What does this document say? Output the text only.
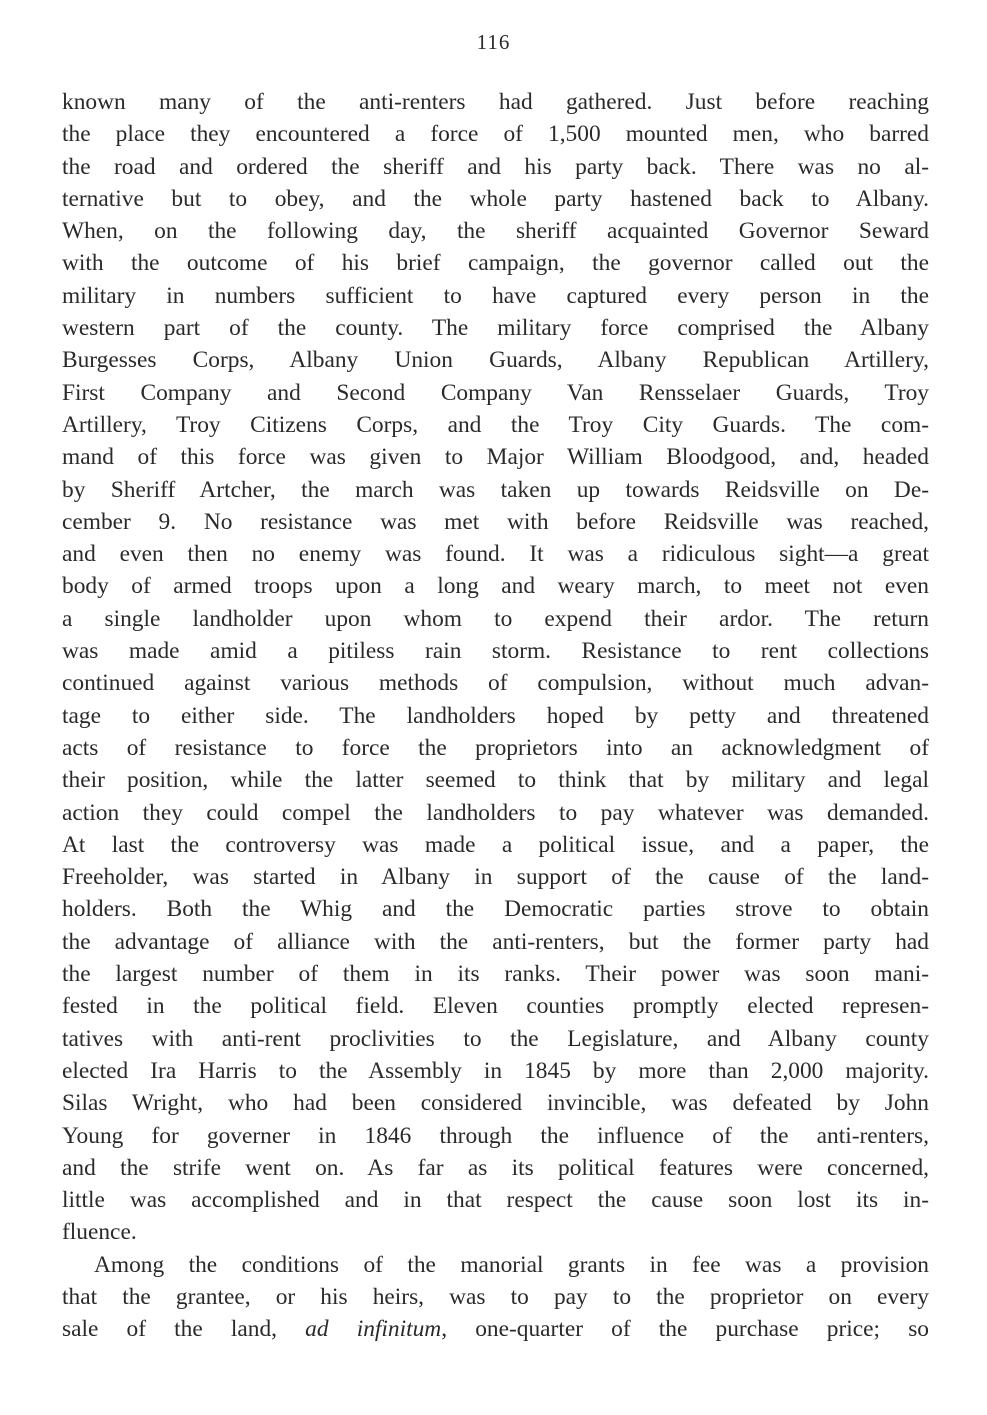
116
known many of the anti-renters had gathered. Just before reaching
the place they encountered a force of 1,500 mounted men, who barred
the road and ordered the sheriff and his party back. There was no al-
ternative but to obey, and the whole party hastened back to Albany.
When, on the following day, the sheriff acquainted Governor Seward
with the outcome of his brief campaign, the governor called out the
military in numbers sufficient to have captured every person in the
western part of the county. The military force comprised the Albany
Burgesses Corps, Albany Union Guards, Albany Republican Artillery,
First Company and Second Company Van Rensselaer Guards, Troy
Artillery, Troy Citizens Corps, and the Troy City Guards. The com-
mand of this force was given to Major William Bloodgood, and, headed
by Sheriff Artcher, the march was taken up towards Reidsville on De-
cember 9. No resistance was met with before Reidsville was reached,
and even then no enemy was found. It was a ridiculous sight—a great
body of armed troops upon a long and weary march, to meet not even
a single landholder upon whom to expend their ardor. The return
was made amid a pitiless rain storm. Resistance to rent collections
continued against various methods of compulsion, without much advan-
tage to either side. The landholders hoped by petty and threatened
acts of resistance to force the proprietors into an acknowledgment of
their position, while the latter seemed to think that by military and legal
action they could compel the landholders to pay whatever was demanded.
At last the controversy was made a political issue, and a paper, the
Freeholder, was started in Albany in support of the cause of the land-
holders. Both the Whig and the Democratic parties strove to obtain
the advantage of alliance with the anti-renters, but the former party had
the largest number of them in its ranks. Their power was soon mani-
fested in the political field. Eleven counties promptly elected represen-
tatives with anti-rent proclivities to the Legislature, and Albany county
elected Ira Harris to the Assembly in 1845 by more than 2,000 majority.
Silas Wright, who had been considered invincible, was defeated by John
Young for governer in 1846 through the influence of the anti-renters,
and the strife went on. As far as its political features were concerned,
little was accomplished and in that respect the cause soon lost its in-
fluence.
Among the conditions of the manorial grants in fee was a provision
that the grantee, or his heirs, was to pay to the proprietor on every
sale of the land, ad infinitum, one-quarter of the purchase price; so
